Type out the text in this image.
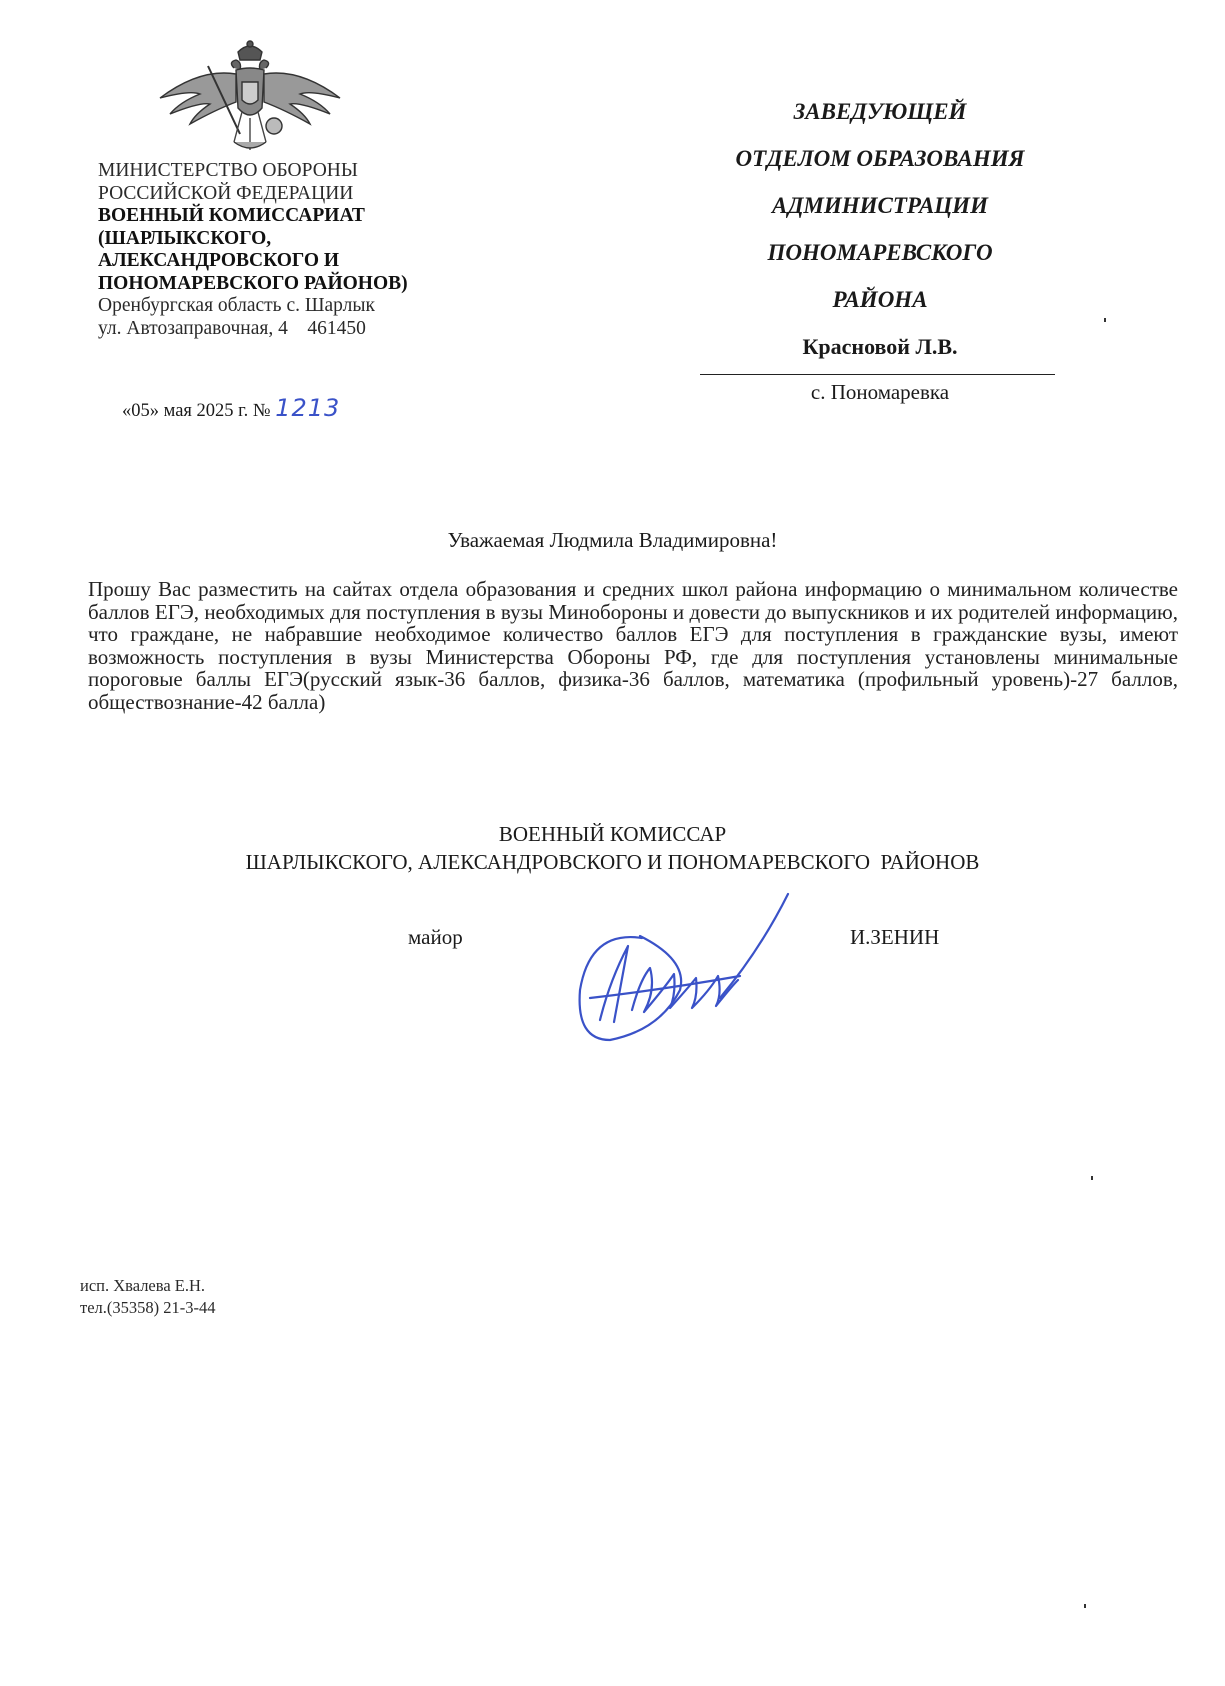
МИНИСТЕРСТВО ОБОРОНЫ
РОССИЙСКОЙ ФЕДЕРАЦИИ
ВОЕННЫЙ КОМИССАРИАТ
(ШАРЛЫКСКОГО,
АЛЕКСАНДРОВСКОГО И
ПОНОМАРЕВСКОГО РАЙОНОВ)
Оренбургская область с. Шарлык
ул. Автозаправочная, 4    461450
«05» мая 2025 г. № 1213
ЗАВЕДУЮЩЕЙ
ОТДЕЛОМ ОБРАЗОВАНИЯ
АДМИНИСТРАЦИИ
ПОНОМАРЕВСКОГО
РАЙОНА
Красновой Л.В.
с. Пономаревка
Уважаемая Людмила Владимировна!
Прошу Вас разместить на сайтах отдела образования и средних школ района информацию о минимальном количестве баллов ЕГЭ, необходимых для поступления в вузы Минобороны и довести до выпускников и их родителей информацию, что граждане, не набравшие необходимое количество баллов ЕГЭ для поступления в гражданские вузы, имеют возможность поступления в вузы Министерства Обороны РФ, где для поступления установлены минимальные пороговые баллы ЕГЭ(русский язык-36 баллов, физика-36 баллов, математика (профильный уровень)-27 баллов, обществознание-42 балла)
ВОЕННЫЙ КОМИССАР
ШАРЛЫКСКОГО, АЛЕКСАНДРОВСКОГО И ПОНОМАРЕВСКОГО  РАЙОНОВ
майор	И.ЗЕНИН
исп. Хвалева Е.Н.
тел.(35358) 21-3-44
